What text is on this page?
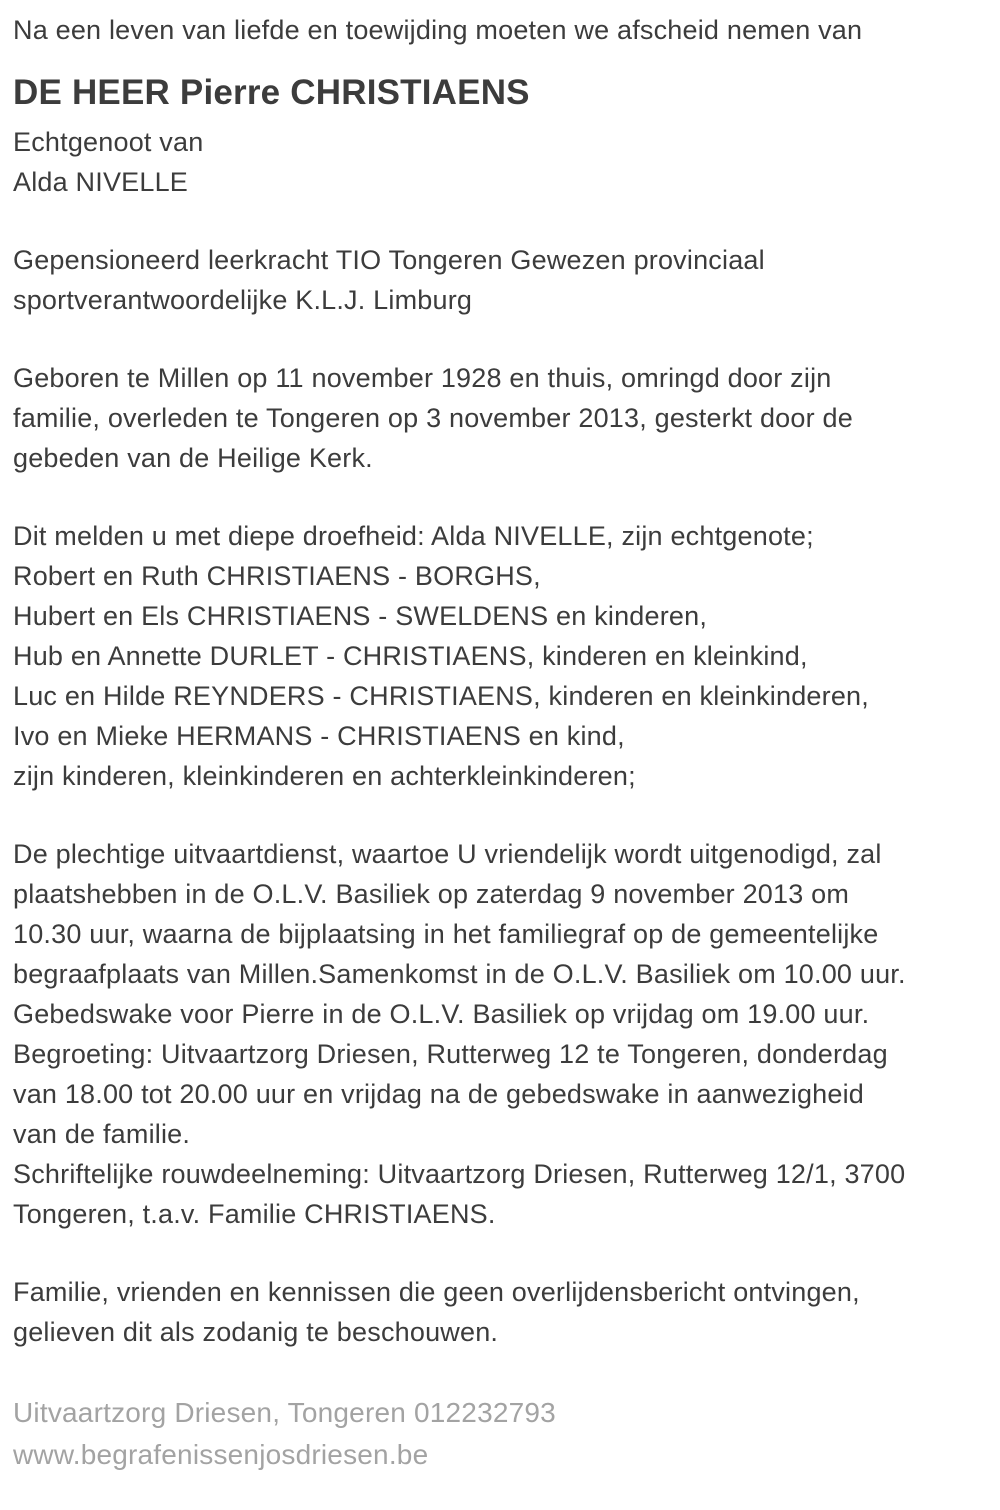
Na een leven van liefde en toewijding moeten we afscheid nemen van
DE HEER Pierre CHRISTIAENS
Echtgenoot van
Alda NIVELLE
Gepensioneerd leerkracht TIO Tongeren Gewezen provinciaal
sportverantwoordelijke K.L.J. Limburg
Geboren te Millen op 11 november 1928 en thuis, omringd door zijn
familie, overleden te Tongeren op 3 november 2013, gesterkt door de
gebeden van de Heilige Kerk.
Dit melden u met diepe droefheid: Alda NIVELLE, zijn echtgenote;
Robert en Ruth CHRISTIAENS - BORGHS,
Hubert en Els CHRISTIAENS - SWELDENS en kinderen,
Hub en Annette DURLET - CHRISTIAENS, kinderen en kleinkind,
Luc en Hilde REYNDERS - CHRISTIAENS, kinderen en kleinkinderen,
Ivo en Mieke HERMANS - CHRISTIAENS en kind,
zijn kinderen, kleinkinderen en achterkleinkinderen;
De plechtige uitvaartdienst, waartoe U vriendelijk wordt uitgenodigd, zal
plaatshebben in de O.L.V. Basiliek op zaterdag 9 november 2013 om
10.30 uur, waarna de bijplaatsing in het familiegraf op de gemeentelijke
begraafplaats van Millen.Samenkomst in de O.L.V. Basiliek om 10.00 uur.
Gebedswake voor Pierre in de O.L.V. Basiliek op vrijdag om 19.00 uur.
Begroeting: Uitvaartzorg Driesen, Rutterweg 12 te Tongeren, donderdag
van 18.00 tot 20.00 uur en vrijdag na de gebedswake in aanwezigheid
van de familie.
Schriftelijke rouwdeelneming: Uitvaartzorg Driesen, Rutterweg 12/1, 3700
Tongeren, t.a.v. Familie CHRISTIAENS.
Familie, vrienden en kennissen die geen overlijdensbericht ontvingen,
gelieven dit als zodanig te beschouwen.
Uitvaartzorg Driesen, Tongeren 012232793
www.begrafenissenjosdriesen.be
